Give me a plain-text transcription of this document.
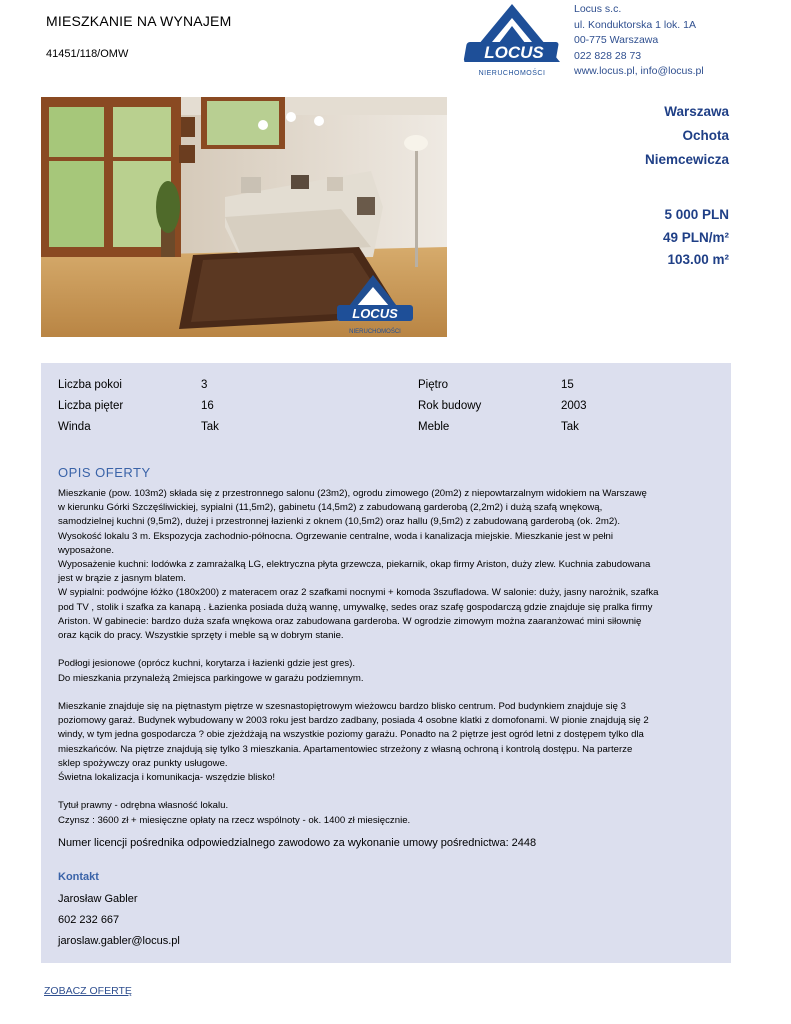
MIESZKANIE NA WYNAJEM
41451/118/OMW	LOCUS
NIERUCHOMOŚCI
Locus s.c.
ul. Konduktorska 1 lok. 1A
00-775 Warszawa
022 828 28 73
www.locus.pl, info@locus.pl
LOCUS
NIERUCHOMOŚCI
Warszawa
Ochota
Niemcewicza
5 000 PLN
49 PLN/m²
103.00 m²
Liczba pokoi	3	Piętro	15
Liczba pięter	16	Rok budowy	2003
Winda	Tak	Meble	Tak
OPIS OFERTY

Mieszkanie (pow. 103m2) składa się z przestronnego salonu (23m2), ogrodu zimowego (20m2) z niepowtarzalnym widokiem na Warszawę
w kierunku Górki Szczęśliwickiej, sypialni (11,5m2), gabinetu (14,5m2) z zabudowaną garderobą (2,2m2) i dużą szafą wnękową,
samodzielnej kuchni (9,5m2), dużej i przestronnej łazienki z oknem (10,5m2) oraz hallu (9,5m2) z zabudowaną garderobą (ok. 2m2).
Wysokość lokalu 3 m. Ekspozycja zachodnio-północna. Ogrzewanie centralne, woda i kanalizacja miejskie. Mieszkanie jest w pełni
wyposażone.
Wyposażenie kuchni: lodówka z zamrażalką LG, elektryczna płyta grzewcza, piekarnik, okap firmy Ariston, duży zlew. Kuchnia zabudowana
jest w brązie z jasnym blatem.
W sypialni: podwójne łóżko (180x200) z materacem oraz 2 szafkami nocnymi + komoda 3szufladowa. W salonie: duży, jasny narożnik, szafka
pod TV , stolik i szafka za kanapą . Łazienka posiada dużą wannę, umywalkę, sedes oraz szafę gospodarczą gdzie znajduje się pralka firmy
Ariston. W gabinecie: bardzo duża szafa wnękowa oraz zabudowana garderoba. W ogrodzie zimowym można zaaranżować mini siłownię
oraz kącik do pracy. Wszystkie sprzęty i meble są w dobrym stanie.

Podłogi jesionowe (oprócz kuchni, korytarza i łazienki gdzie jest gres).
Do mieszkania przynależą 2miejsca parkingowe w garażu podziemnym.

Mieszkanie znajduje się na piętnastym piętrze w szesnastopiętrowym wieżowcu bardzo blisko centrum. Pod budynkiem znajduje się 3
poziomowy garaż. Budynek wybudowany w 2003 roku jest bardzo zadbany, posiada 4 osobne klatki z domofonami. W pionie znajdują się 2
windy, w tym jedna gospodarcza ? obie zjeżdżają na wszystkie poziomy garażu. Ponadto na 2 piętrze jest ogród letni z dostępem tylko dla
mieszkańców. Na piętrze znajdują się tylko 3 mieszkania. Apartamentowiec strzeżony z własną ochroną i kontrolą dostępu. Na parterze
sklep spożywczy oraz punkty usługowe.
Świetna lokalizacja i komunikacja- wszędzie blisko!

Tytuł prawny - odrębna własność lokalu.
Czynsz : 3600 zł + miesięczne opłaty na rzecz wspólnoty - ok. 1400 zł miesięcznie.

Numer licencji pośrednika odpowiedzialnego zawodowo za wykonanie umowy pośrednictwa: 2448
Kontakt
Jarosław Gabler
602 232 667
jaroslaw.gabler@locus.pl
ZOBACZ OFERTĘ
